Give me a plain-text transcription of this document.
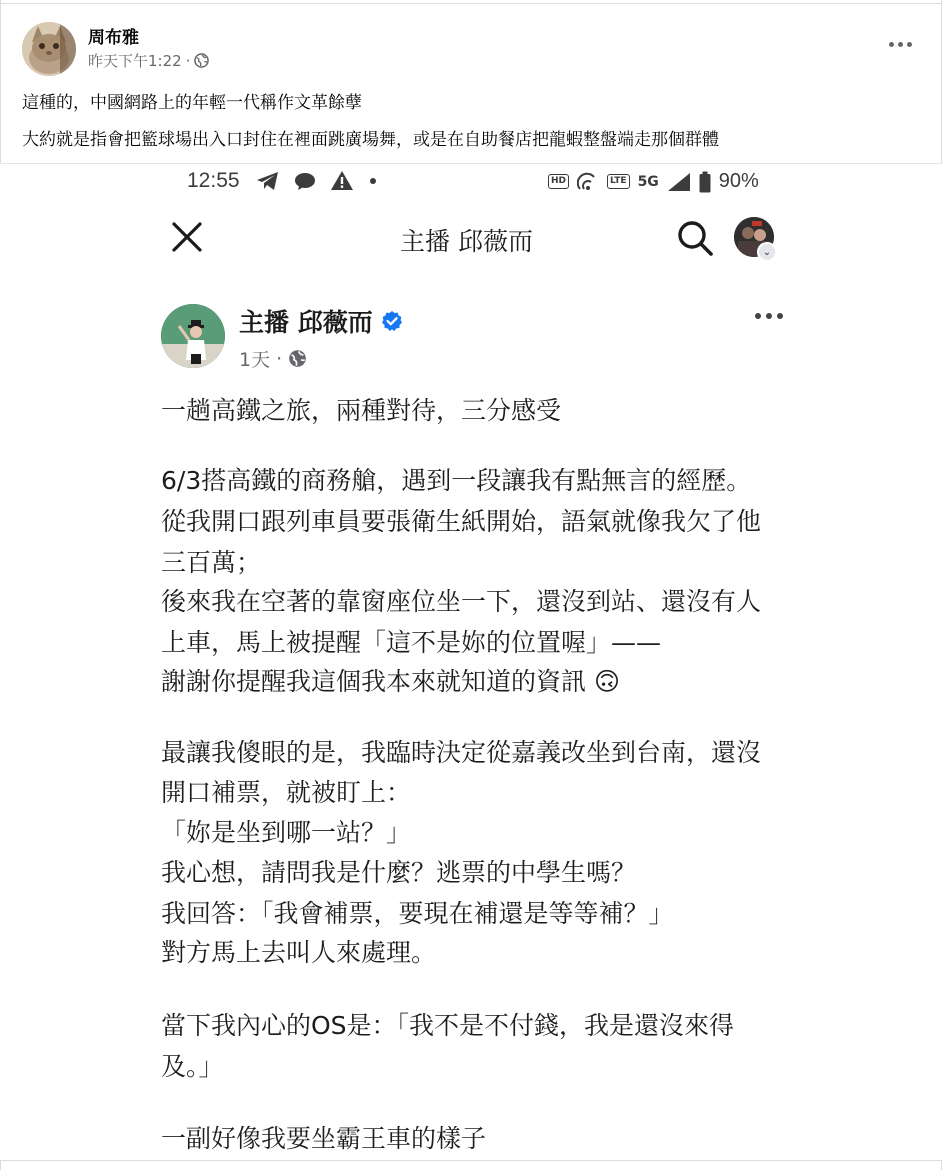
周布雅
昨天下午1:22 ·
這種的，中國網路上的年輕一代稱作文革餘孽
大約就是指會把籃球場出入口封住在裡面跳廣場舞，或是在自助餐店把龍蝦整盤端走那個群體
12:55	HD	LTE 5G	90%
主播 邱薇而	⌄
主播 邱薇而
1天 ·
一趟高鐵之旅，兩種對待，三分感受
6/3搭高鐵的商務艙，遇到一段讓我有點無言的經歷。
從我開口跟列車員要張衛生紙開始，語氣就像我欠了他
三百萬；
後來我在空著的靠窗座位坐一下，還沒到站、還沒有人
上車，馬上被提醒「這不是妳的位置喔」——
謝謝你提醒我這個我本來就知道的資訊 🙃
最讓我傻眼的是，我臨時決定從嘉義改坐到台南，還沒
開口補票，就被盯上：
「妳是坐到哪一站？」
我心想，請問我是什麼？逃票的中學生嗎？
我回答：「我會補票，要現在補還是等等補？」
對方馬上去叫人來處理。
當下我內心的OS是：「我不是不付錢，我是還沒來得
及。」
一副好像我要坐霸王車的樣子
